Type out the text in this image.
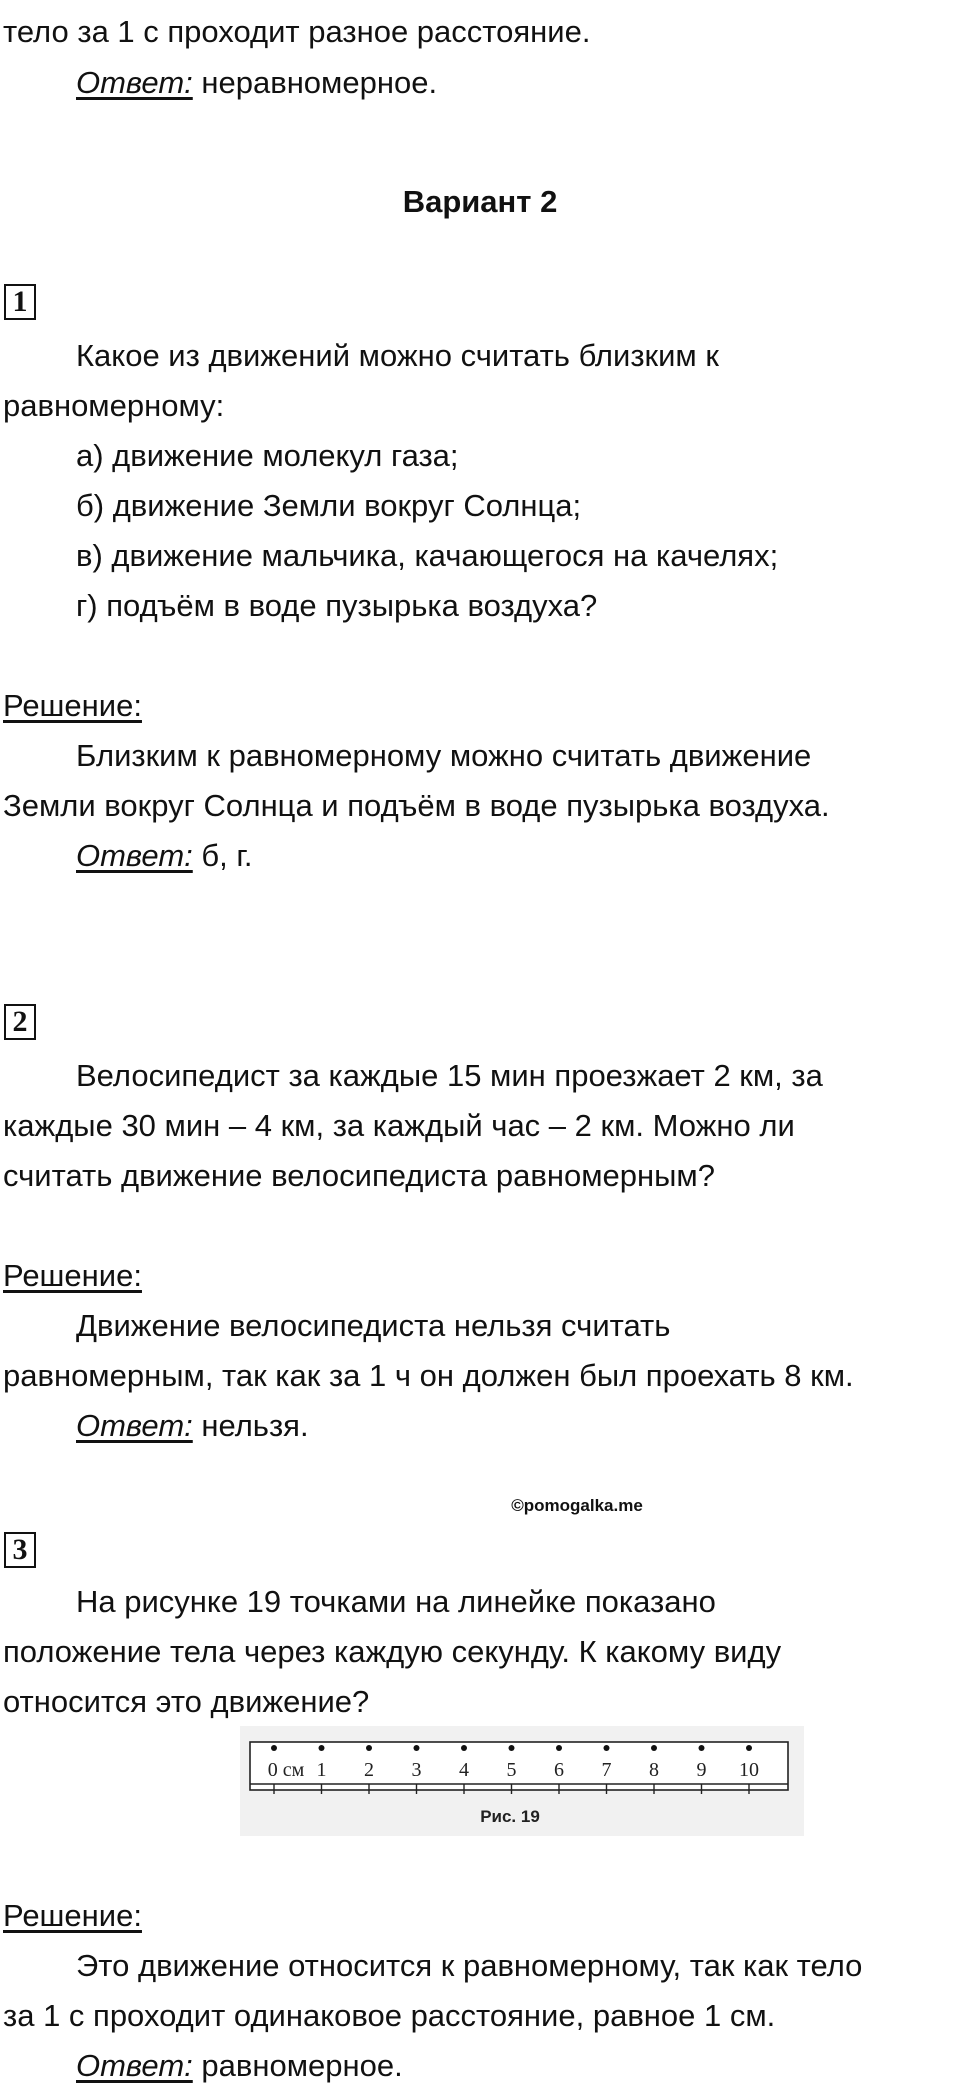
тело за 1 с проходит разное расстояние.
Ответ: неравномерное.
Вариант 2
1
Какое из движений можно считать близким к
равномерному:
а) движение молекул газа;
б) движение Земли вокруг Солнца;
в) движение мальчика, качающегося на качелях;
г) подъём в воде пузырька воздуха?
Решение:
Близким к равномерному можно считать движение
Земли вокруг Солнца и подъём в воде пузырька воздуха.
Ответ: б, г.
2
Велосипедист за каждые 15 мин проезжает 2 км, за
каждые 30 мин – 4 км, за каждый час – 2 км. Можно ли
считать движение велосипедиста равномерным?
Решение:
Движение велосипедиста нельзя считать
равномерным, так как за 1 ч он должен был проехать 8 км.
Ответ: нельзя.
©pomogalka.me
3
На рисунке 19 точками на линейке показано
положение тела через каждую секунду. К какому виду
относится это движение?
0 см 1 2 3 4 5 6 7 8 9 10
Рис. 19
Решение:
Это движение относится к равномерному, так как тело
за 1 с проходит одинаковое расстояние, равное 1 см.
Ответ: равномерное.
